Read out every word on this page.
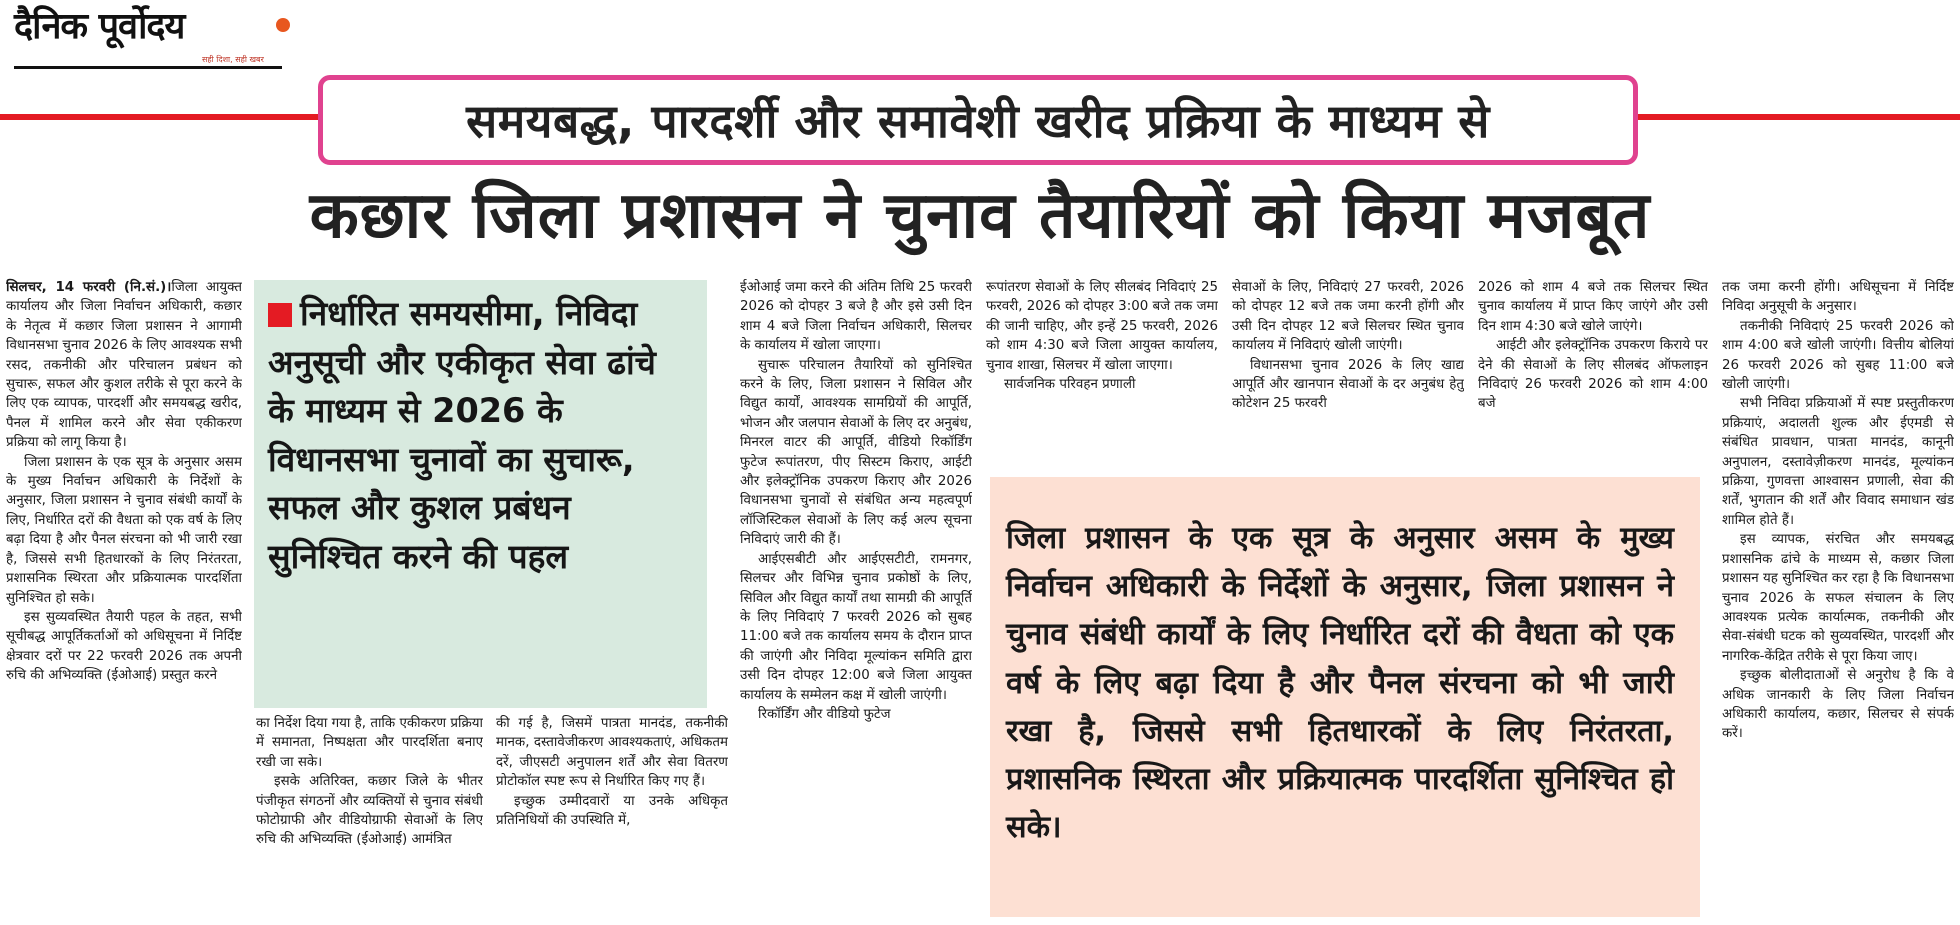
दैनिक पूर्वोदय
सही दिशा, सही खबर
समयबद्ध, पारदर्शी और समावेशी खरीद प्रक्रिया के माध्यम से
कछार जिला प्रशासन ने चुनाव तैयारियों को किया मजबूत

सिलचर, 14 फरवरी (नि.सं.)।जिला आयुक्त कार्यालय और जिला निर्वाचन अधिकारी, कछार के नेतृत्व में कछार जिला प्रशासन ने आगामी विधानसभा चुनाव 2026 के लिए आवश्यक सभी रसद, तकनीकी और परिचालन प्रबंधन को सुचारू, सफल और कुशल तरीके से पूरा करने के लिए एक व्यापक, पारदर्शी और समयबद्ध खरीद, पैनल में शामिल करने और सेवा एकीकरण प्रक्रिया को लागू किया है।

जिला प्रशासन के एक सूत्र के अनुसार असम के मुख्य निर्वाचन अधिकारी के निर्देशों के अनुसार, जिला प्रशासन ने चुनाव संबंधी कार्यों के लिए, निर्धारित दरों की वैधता को एक वर्ष के लिए बढ़ा दिया है और पैनल संरचना को भी जारी रखा है, जिससे सभी हितधारकों के लिए निरंतरता, प्रशासनिक स्थिरता और प्रक्रियात्मक पारदर्शिता सुनिश्चित हो सके।

इस सुव्यवस्थित तैयारी पहल के तहत, सभी सूचीबद्ध आपूर्तिकर्ताओं को अधिसूचना में निर्दिष्ट क्षेत्रवार दरों पर 22 फरवरी 2026 तक अपनी रुचि की अभिव्यक्ति (ईओआई) प्रस्तुत करने

निर्धारित समयसीमा, निविदा अनुसूची और एकीकृत सेवा ढांचे के माध्यम से 2026 के विधानसभा चुनावों का सुचारू, सफल और कुशल प्रबंधन सुनिश्चित करने की पहल

का निर्देश दिया गया है, ताकि एकीकरण प्रक्रिया में समानता, निष्पक्षता और पारदर्शिता बनाए रखी जा सके।

इसके अतिरिक्त, कछार जिले के भीतर पंजीकृत संगठनों और व्यक्तियों से चुनाव संबंधी फोटोग्राफी और वीडियोग्राफी सेवाओं के लिए रुचि की अभिव्यक्ति (ईओआई) आमंत्रित

की गई है, जिसमें पात्रता मानदंड, तकनीकी मानक, दस्तावेजीकरण आवश्यकताएं, अधिकतम दरें, जीएसटी अनुपालन शर्तें और सेवा वितरण प्रोटोकॉल स्पष्ट रूप से निर्धारित किए गए हैं।

इच्छुक उम्मीदवारों या उनके अधिकृत प्रतिनिधियों की उपस्थिति में,

ईओआई जमा करने की अंतिम तिथि 25 फरवरी 2026 को दोपहर 3 बजे है और इसे उसी दिन शाम 4 बजे जिला निर्वाचन अधिकारी, सिलचर के कार्यालय में खोला जाएगा।

सुचारू परिचालन तैयारियों को सुनिश्चित करने के लिए, जिला प्रशासन ने सिविल और विद्युत कार्यों, आवश्यक सामग्रियों की आपूर्ति, भोजन और जलपान सेवाओं के लिए दर अनुबंध, मिनरल वाटर की आपूर्ति, वीडियो रिकॉर्डिंग फुटेज रूपांतरण, पीए सिस्टम किराए, आईटी और इलेक्ट्रॉनिक उपकरण किराए और 2026 विधानसभा चुनावों से संबंधित अन्य महत्वपूर्ण लॉजिस्टिकल सेवाओं के लिए कई अल्प सूचना निविदाएं जारी की हैं।

आईएसबीटी और आईएसटीटी, रामनगर, सिलचर और विभिन्न चुनाव प्रकोष्ठों के लिए, सिविल और विद्युत कार्यों तथा सामग्री की आपूर्ति के लिए निविदाएं 7 फरवरी 2026 को सुबह 11:00 बजे तक कार्यालय समय के दौरान प्राप्त की जाएंगी और निविदा मूल्यांकन समिति द्वारा उसी दिन दोपहर 12:00 बजे जिला आयुक्त कार्यालय के सम्मेलन कक्ष में खोली जाएंगी।

रिकॉर्डिंग और वीडियो फुटेज

रूपांतरण सेवाओं के लिए सीलबंद निविदाएं 25 फरवरी, 2026 को दोपहर 3:00 बजे तक जमा की जानी चाहिए, और इन्हें 25 फरवरी, 2026 को शाम 4:30 बजे जिला आयुक्त कार्यालय, चुनाव शाखा, सिलचर में खोला जाएगा।

सार्वजनिक परिवहन प्रणाली

सेवाओं के लिए, निविदाएं 27 फरवरी, 2026 को दोपहर 12 बजे तक जमा करनी होंगी और उसी दिन दोपहर 12 बजे सिलचर स्थित चुनाव कार्यालय में निविदाएं खोली जाएंगी।

विधानसभा चुनाव 2026 के लिए खाद्य आपूर्ति और खानपान सेवाओं के दर अनुबंध हेतु कोटेशन 25 फरवरी

2026 को शाम 4 बजे तक सिलचर स्थित चुनाव कार्यालय में प्राप्त किए जाएंगे और उसी दिन शाम 4:30 बजे खोले जाएंगे।

आईटी और इलेक्ट्रॉनिक उपकरण किराये पर देने की सेवाओं के लिए सीलबंद ऑफलाइन निविदाएं 26 फरवरी 2026 को शाम 4:00 बजे

जिला प्रशासन के एक सूत्र के अनुसार असम के मुख्य निर्वाचन अधिकारी के निर्देशों के अनुसार, जिला प्रशासन ने चुनाव संबंधी कार्यों के लिए निर्धारित दरों की वैधता को एक वर्ष के लिए बढ़ा दिया है और पैनल संरचना को भी जारी रखा है, जिससे सभी हितधारकों के लिए निरंतरता, प्रशासनिक स्थिरता और प्रक्रियात्मक पारदर्शिता सुनिश्चित हो सके।

तक जमा करनी होंगी। अधिसूचना में निर्दिष्ट निविदा अनुसूची के अनुसार।

तकनीकी निविदाएं 25 फरवरी 2026 को शाम 4:00 बजे खोली जाएंगी। वित्तीय बोलियां 26 फरवरी 2026 को सुबह 11:00 बजे खोली जाएंगी।

सभी निविदा प्रक्रियाओं में स्पष्ट प्रस्तुतीकरण प्रक्रियाएं, अदालती शुल्क और ईएमडी से संबंधित प्रावधान, पात्रता मानदंड, कानूनी अनुपालन, दस्तावेज़ीकरण मानदंड, मूल्यांकन प्रक्रिया, गुणवत्ता आश्वासन प्रणाली, सेवा की शर्तें, भुगतान की शर्तें और विवाद समाधान खंड शामिल होते हैं।

इस व्यापक, संरचित और समयबद्ध प्रशासनिक ढांचे के माध्यम से, कछार जिला प्रशासन यह सुनिश्चित कर रहा है कि विधानसभा चुनाव 2026 के सफल संचालन के लिए आवश्यक प्रत्येक कार्यात्मक, तकनीकी और सेवा-संबंधी घटक को सुव्यवस्थित, पारदर्शी और नागरिक-केंद्रित तरीके से पूरा किया जाए।

इच्छुक बोलीदाताओं से अनुरोध है कि वे अधिक जानकारी के लिए जिला निर्वाचन अधिकारी कार्यालय, कछार, सिलचर से संपर्क करें।
